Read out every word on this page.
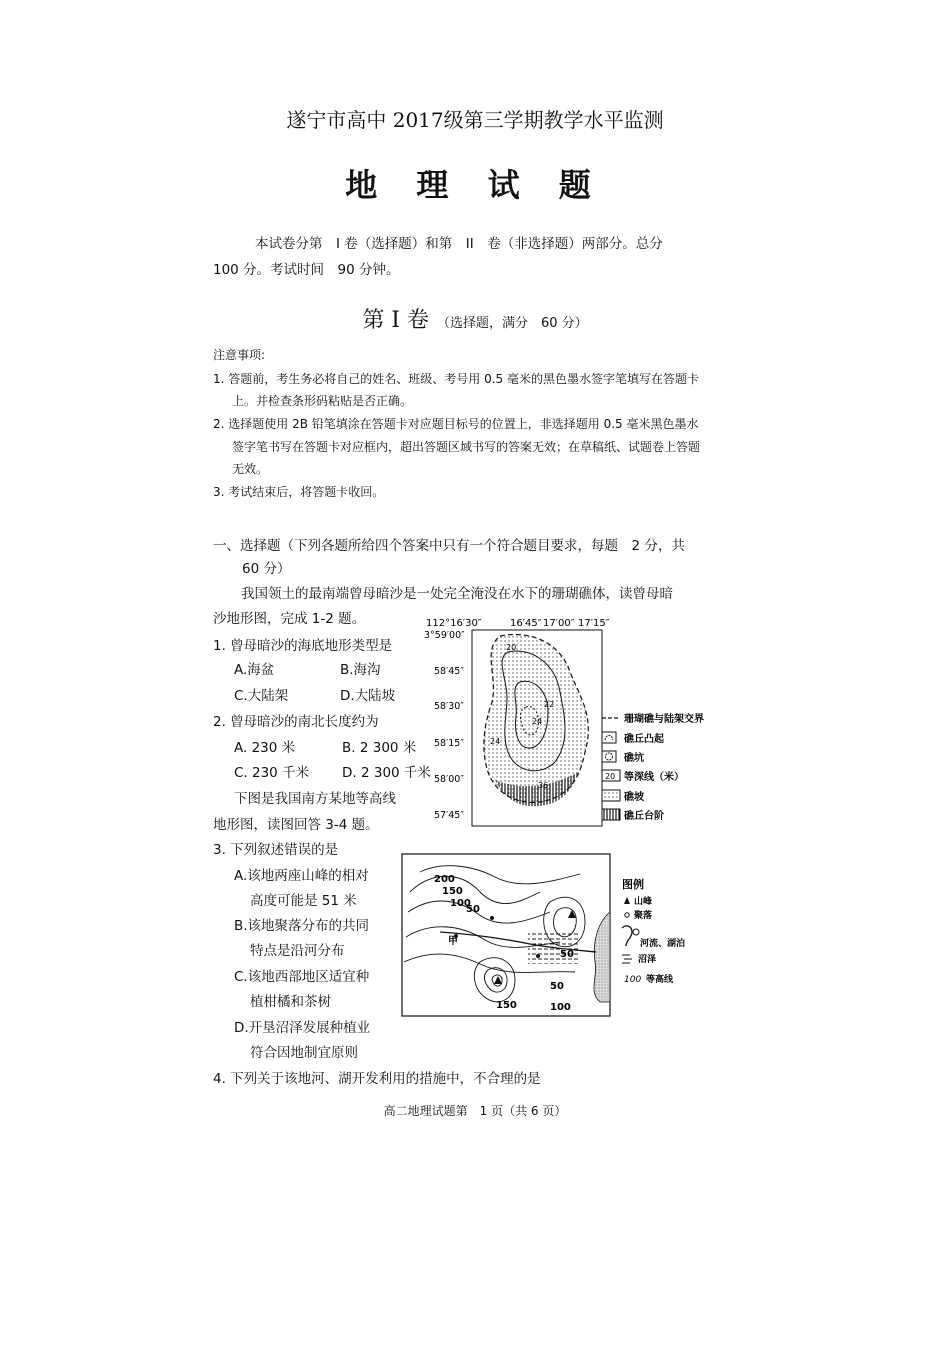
遂宁市高中 2017级第三学期教学水平监测
地 理 试 题
本试卷分第　I 卷（选择题）和第　II　卷（非选择题）两部分。总分
100 分。考试时间　90 分钟。
第 I 卷 （选择题，满分　60 分）
注意事项:
1. 答题前，考生务必将自己的姓名、班级、考号用 0.5 毫米的黑色墨水签字笔填写在答题卡
上。并检查条形码粘贴是否正确。
2. 选择题使用 2B 铅笔填涂在答题卡对应题目标号的位置上，非选择题用 0.5 毫米黑色墨水
签字笔书写在答题卡对应框内，超出答题区域书写的答案无效；在草稿纸、试题卷上答题
无效。
3. 考试结束后，将答题卡收回。
一、选择题（下列各题所给四个答案中只有一个符合题目要求，每题　2 分，共
60 分）
我国领土的最南端曾母暗沙是一处完全淹没在水下的珊瑚礁体，读曾母暗
沙地形图，完成 1-2 题。
1. 曾母暗沙的海底地形类型是
A.海盆	B.海沟
C.大陆架	D.大陆坡
2. 曾母暗沙的南北长度约为
A. 230 米	B. 2 300 米
C. 230 千米 D. 2 300 千米
下图是我国南方某地等高线
地形图，读图回答 3-4 题。
3. 下列叙述错误的是
A.该地两座山峰的相对
高度可能是 51 米
B.该地聚落分布的共同
特点是沿河分布
C.该地西部地区适宜种
植柑橘和茶树
D.开垦沼泽发展种植业
符合因地制宜原则
4. 下列关于该地河、湖开发利用的措施中，不合理的是
高二地理试题第　1 页（共 6 页）
112°16′30″	16′45″ 17′00″ 17′15″
3°59′00″
58′45″
58′30″
58′15″
58′00″
57′45″
20
22
24
36
24
珊瑚礁与陆架交界
礁丘凸起
礁坑
20 等深线（米）
礁坡
礁丘台阶
200
150
100
50
50
50
100
150
甲
图例
山峰
聚落
河流、湖泊
沼泽
100 等高线
